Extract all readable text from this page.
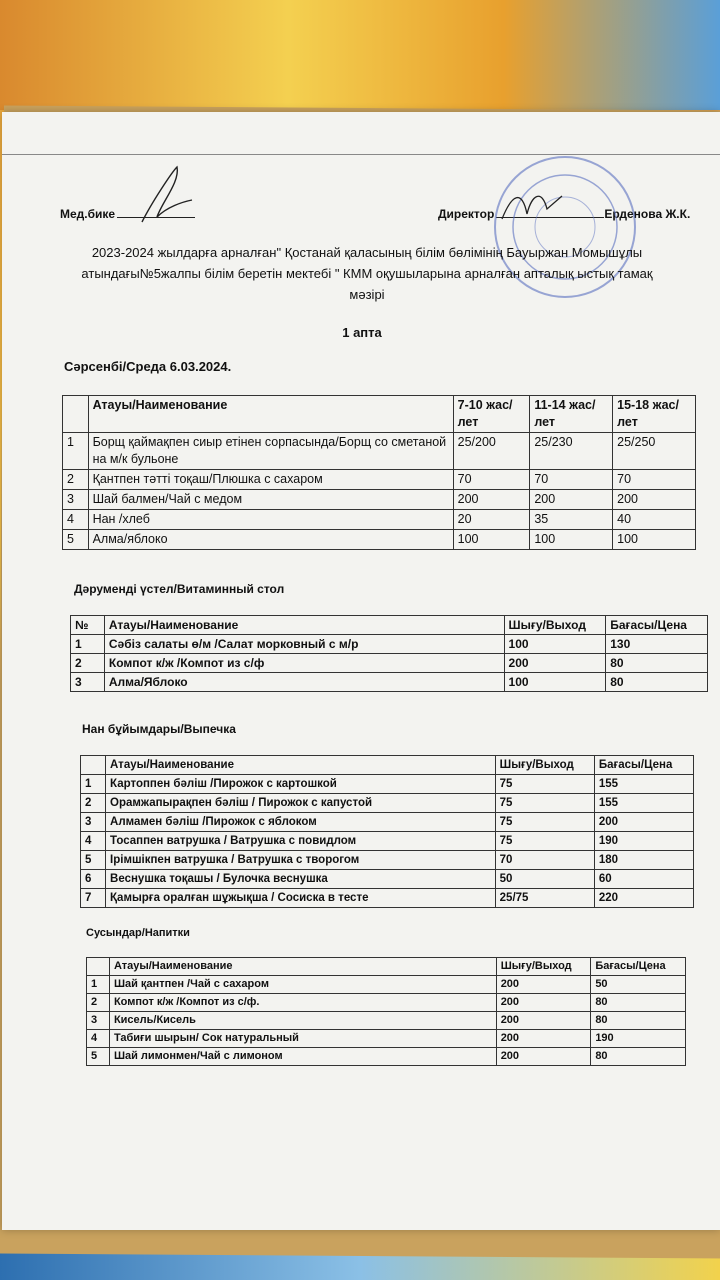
Мед.бике	Директор	Ерденова Ж.К.
2023-2024 жылдарға арналған" Қостанай қаласының білім бөлімінің Бауыржан Момышұлы
атындағы№5жалпы білім беретін мектебі " КММ оқушыларына арналған апталық ыстық тамақ
мәзірі
1 апта
Сәрсенбі/Среда 6.03.2024.
	Атауы/Наименование	7-10 жас/лет	11-14 жас/лет	15-18 жас/лет
1	Борщ қаймақпен сиыр етінен сорпасында/Борщ со сметаной на м/к бульоне	25/200	25/230	25/250
2	Қантпен тәтті тоқаш/Плюшка с сахаром	70	70	70
3	Шай балмен/Чай с медом	200	200	200
4	Нан /хлеб	20	35	40
5	Алма/яблоко	100	100	100
Дәруменді үстел/Витаминный стол
№	Атауы/Наименование	Шығу/Выход	Бағасы/Цена
1	Сәбіз салаты ө/м /Салат морковный с м/р	100	130
2	Компот к/ж /Компот из с/ф	200	80
3	Алма/Яблоко	100	80
Нан бұйымдары/Выпечка
	Атауы/Наименование	Шығу/Выход	Бағасы/Цена
1	Картоппен бәліш /Пирожок с картошкой	75	155
2	Орамжапырақпен бәліш / Пирожок с капустой	75	155
3	Алмамен бәліш /Пирожок с яблоком	75	200
4	Тосаппен ватрушка / Ватрушка с повидлом	75	190
5	Ірімшікпен ватрушка / Ватрушка с творогом	70	180
6	Веснушка тоқашы / Булочка веснушка	50	60
7	Қамырға оралған шұжықша / Сосиска в тесте	25/75	220
Сусындар/Напитки
	Атауы/Наименование	Шығу/Выход	Бағасы/Цена
1	Шай қантпен /Чай с сахаром	200	50
2	Компот к/ж /Компот из с/ф.	200	80
3	Кисель/Кисель	200	80
4	Табиғи шырын/ Сок натуральный	200	190
5	Шай лимонмен/Чай с лимоном	200	80
